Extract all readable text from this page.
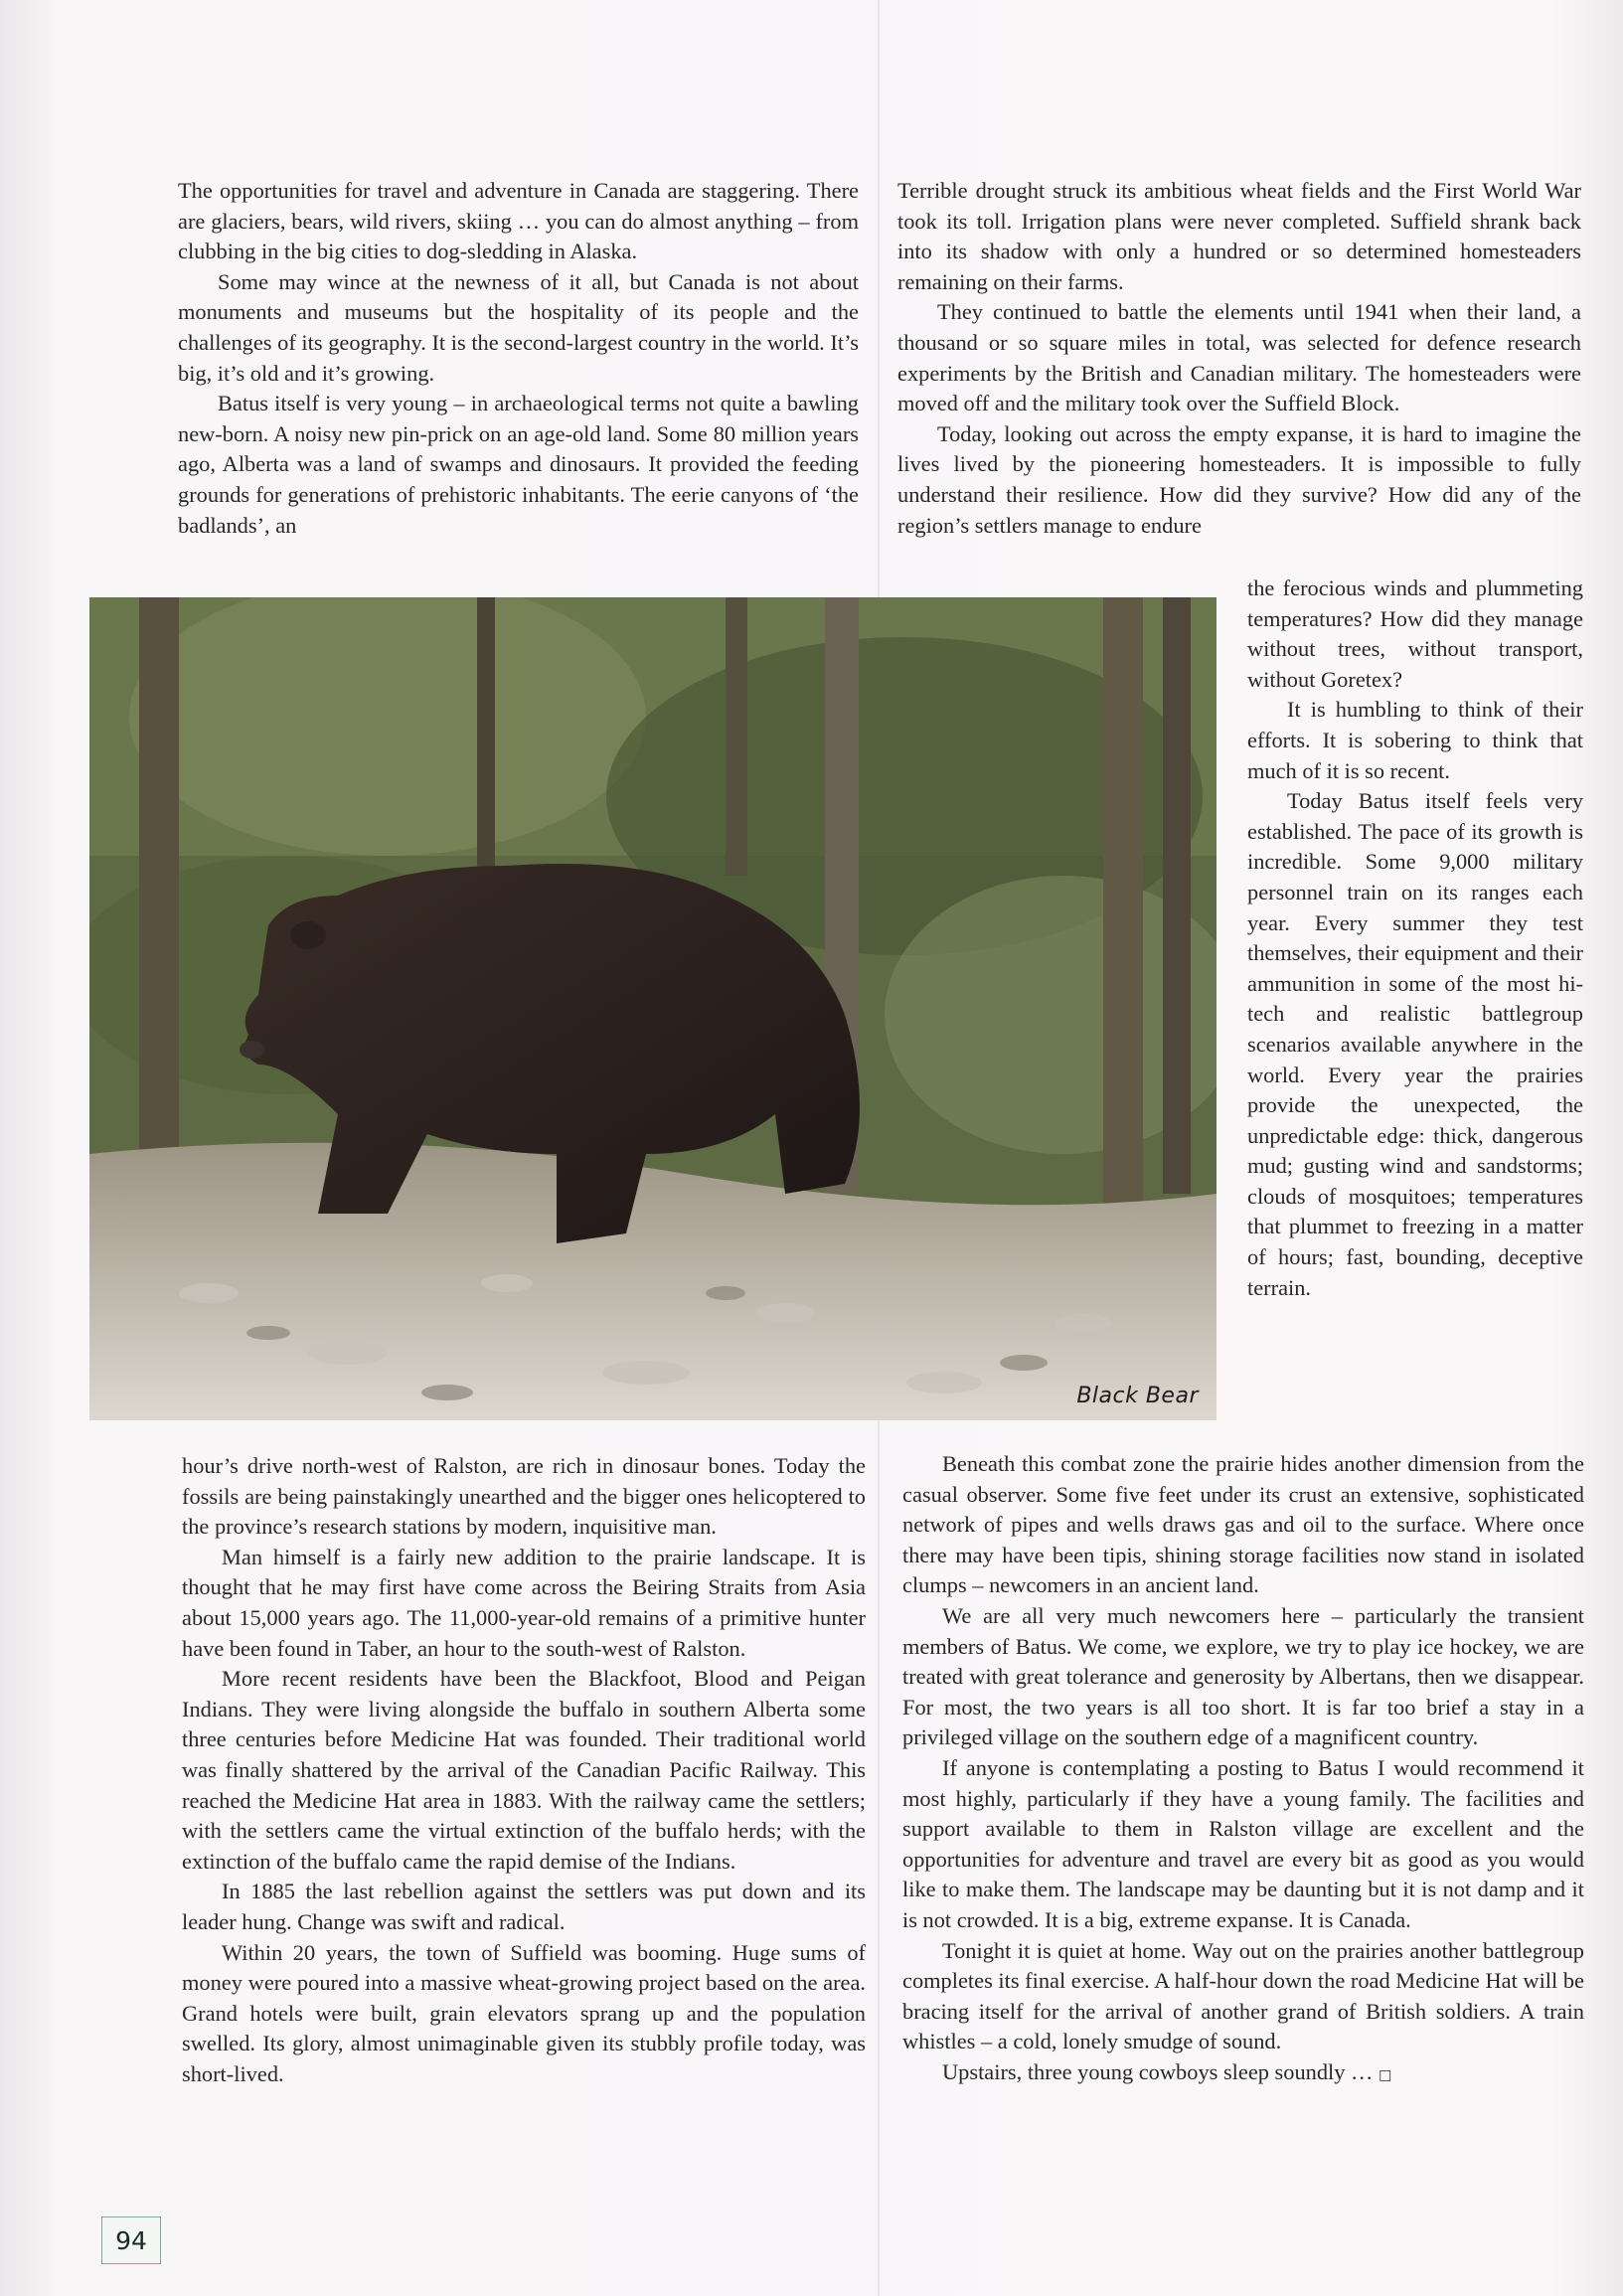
The opportunities for travel and adventure in Canada are staggering. There are glaciers, bears, wild rivers, skiing … you can do almost anything – from clubbing in the big cities to dog-sledding in Alaska.

Some may wince at the newness of it all, but Canada is not about monuments and museums but the hospitality of its people and the challenges of its geography. It is the second-largest country in the world. It’s big, it’s old and it’s growing.

Batus itself is very young – in archaeological terms not quite a bawling new-born. A noisy new pin-prick on an age-old land. Some 80 million years ago, Alberta was a land of swamps and dinosaurs. It provided the feeding grounds for generations of prehistoric inhabitants. The eerie canyons of ‘the badlands’, an

Terrible drought struck its ambitious wheat fields and the First World War took its toll. Irrigation plans were never completed. Suffield shrank back into its shadow with only a hundred or so determined homesteaders remaining on their farms.

They continued to battle the elements until 1941 when their land, a thousand or so square miles in total, was selected for defence research experiments by the British and Canadian military. The homesteaders were moved off and the military took over the Suffield Block.

Today, looking out across the empty expanse, it is hard to imagine the lives lived by the pioneering homesteaders. It is impossible to fully understand their resilience. How did they survive? How did any of the region’s settlers manage to endure

Black Bear

the ferocious winds and plummeting temperatures? How did they manage without trees, without transport, without Goretex?

It is humbling to think of their efforts. It is sobering to think that much of it is so recent.

Today Batus itself feels very established. The pace of its growth is incredible. Some 9,000 military personnel train on its ranges each year. Every summer they test themselves, their equipment and their ammunition in some of the most hi-tech and realistic battlegroup scenarios available anywhere in the world. Every year the prairies provide the unexpected, the unpredictable edge: thick, dangerous mud; gusting wind and sandstorms; clouds of mosquitoes; temperatures that plummet to freezing in a matter of hours; fast, bounding, deceptive terrain.

hour’s drive north-west of Ralston, are rich in dinosaur bones. Today the fossils are being painstakingly unearthed and the bigger ones helicoptered to the province’s research stations by modern, inquisitive man.

Man himself is a fairly new addition to the prairie landscape. It is thought that he may first have come across the Beiring Straits from Asia about 15,000 years ago. The 11,000-year-old remains of a primitive hunter have been found in Taber, an hour to the south-west of Ralston.

More recent residents have been the Blackfoot, Blood and Peigan Indians. They were living alongside the buffalo in southern Alberta some three centuries before Medicine Hat was founded. Their traditional world was finally shattered by the arrival of the Canadian Pacific Railway. This reached the Medicine Hat area in 1883. With the railway came the settlers; with the settlers came the virtual extinction of the buffalo herds; with the extinction of the buffalo came the rapid demise of the Indians.

In 1885 the last rebellion against the settlers was put down and its leader hung. Change was swift and radical.

Within 20 years, the town of Suffield was booming. Huge sums of money were poured into a massive wheat-growing project based on the area. Grand hotels were built, grain elevators sprang up and the population swelled. Its glory, almost unimaginable given its stubbly profile today, was short-lived.

Beneath this combat zone the prairie hides another dimension from the casual observer. Some five feet under its crust an extensive, sophisticated network of pipes and wells draws gas and oil to the surface. Where once there may have been tipis, shining storage facilities now stand in isolated clumps – newcomers in an ancient land.

We are all very much newcomers here – particularly the transient members of Batus. We come, we explore, we try to play ice hockey, we are treated with great tolerance and generosity by Albertans, then we disappear. For most, the two years is all too short. It is far too brief a stay in a privileged village on the southern edge of a magnificent country.

If anyone is contemplating a posting to Batus I would recommend it most highly, particularly if they have a young family. The facilities and support available to them in Ralston village are excellent and the opportunities for adventure and travel are every bit as good as you would like to make them. The landscape may be daunting but it is not damp and it is not crowded. It is a big, extreme expanse. It is Canada.

Tonight it is quiet at home. Way out on the prairies another battlegroup completes its final exercise. A half-hour down the road Medicine Hat will be bracing itself for the arrival of another grand of British soldiers. A train whistles – a cold, lonely smudge of sound.

Upstairs, three young cowboys sleep soundly … □

94
